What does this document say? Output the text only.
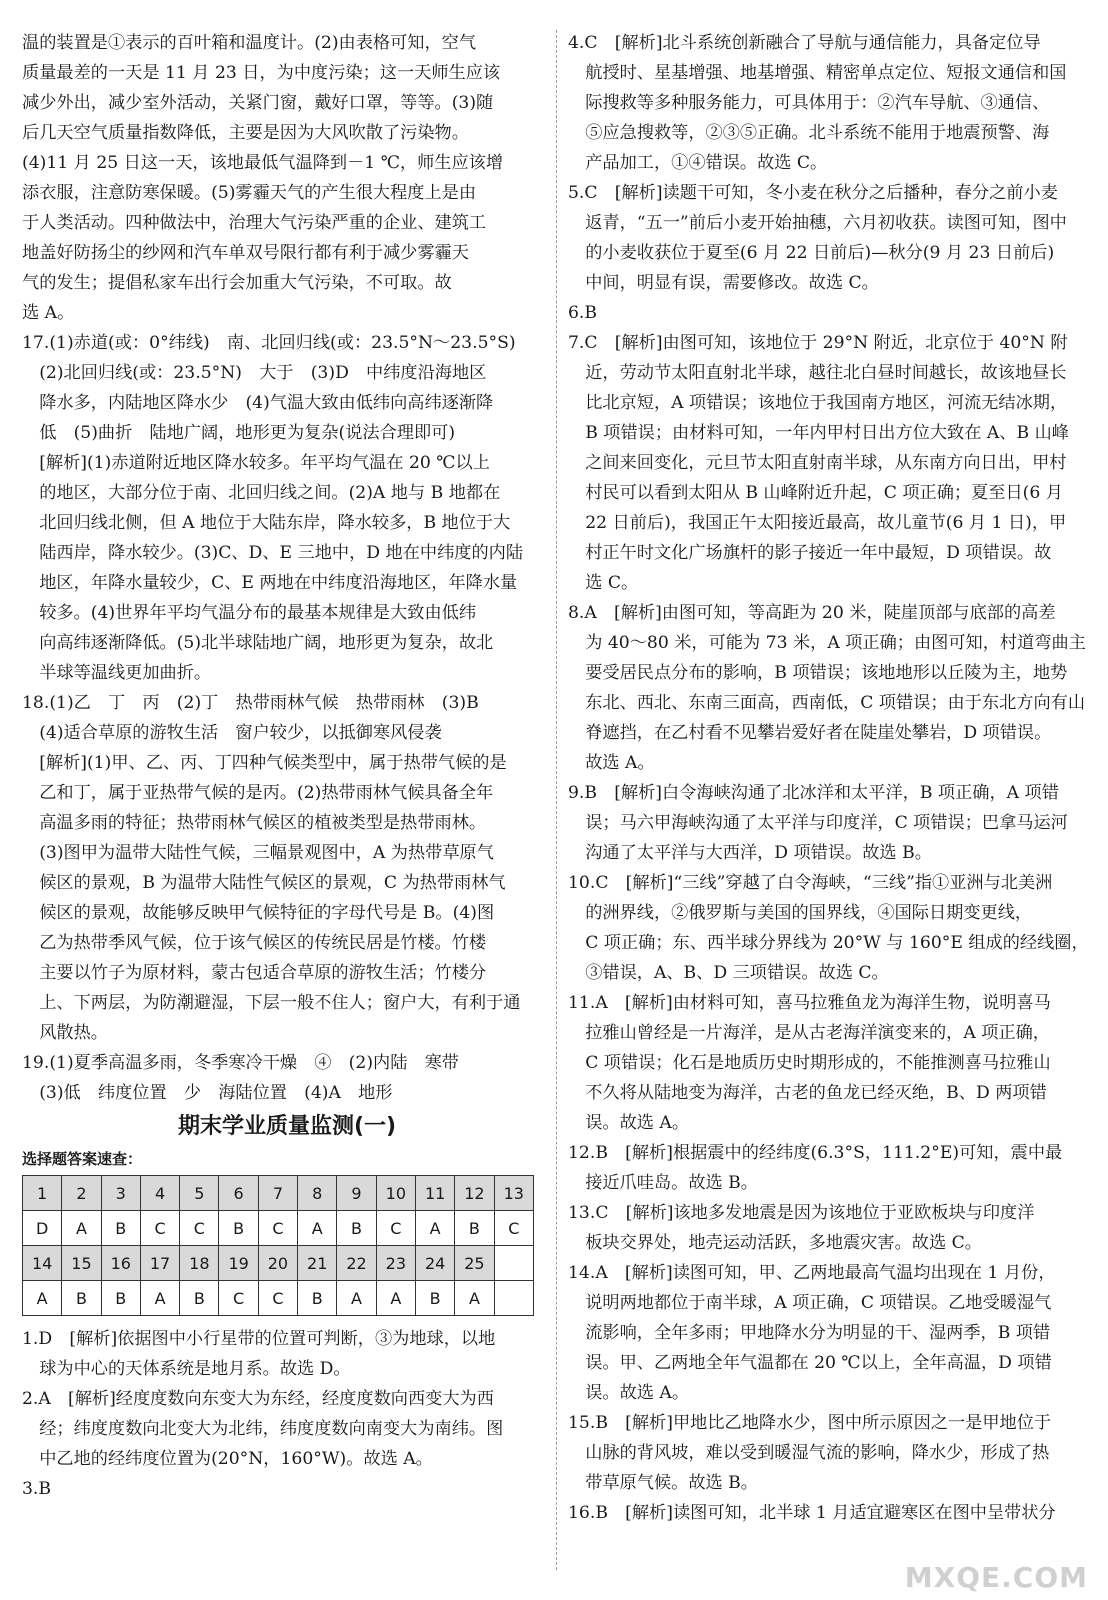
温的装置是①表示的百叶箱和温度计。(2)由表格可知，空气

质量最差的一天是 11 月 23 日，为中度污染；这一天师生应该

减少外出，减少室外活动，关紧门窗，戴好口罩，等等。(3)随

后几天空气质量指数降低，主要是因为大风吹散了污染物。

(4)11 月 25 日这一天，该地最低气温降到－1 ℃，师生应该增

添衣服，注意防寒保暖。(5)雾霾天气的产生很大程度上是由

于人类活动。四种做法中，治理大气污染严重的企业、建筑工

地盖好防扬尘的纱网和汽车单双号限行都有利于减少雾霾天

气的发生；提倡私家车出行会加重大气污染，不可取。故

选 A。

17.(1)赤道(或：0°纬线)　南、北回归线(或：23.5°N～23.5°S)

　(2)北回归线(或：23.5°N)　大于　(3)D　中纬度沿海地区

　降水多，内陆地区降水少　(4)气温大致由低纬向高纬逐渐降

　低　(5)曲折　陆地广阔，地形更为复杂(说法合理即可)

　[解析](1)赤道附近地区降水较多。年平均气温在 20 ℃以上

　的地区，大部分位于南、北回归线之间。(2)A 地与 B 地都在

　北回归线北侧，但 A 地位于大陆东岸，降水较多，B 地位于大

　陆西岸，降水较少。(3)C、D、E 三地中，D 地在中纬度的内陆

　地区，年降水量较少，C、E 两地在中纬度沿海地区，年降水量

　较多。(4)世界年平均气温分布的最基本规律是大致由低纬

　向高纬逐渐降低。(5)北半球陆地广阔，地形更为复杂，故北

　半球等温线更加曲折。

18.(1)乙　丁　丙　(2)丁　热带雨林气候　热带雨林　(3)B

　(4)适合草原的游牧生活　窗户较少，以抵御寒风侵袭

　[解析](1)甲、乙、丙、丁四种气候类型中，属于热带气候的是

　乙和丁，属于亚热带气候的是丙。(2)热带雨林气候具备全年

　高温多雨的特征；热带雨林气候区的植被类型是热带雨林。

　(3)图甲为温带大陆性气候，三幅景观图中，A 为热带草原气

　候区的景观，B 为温带大陆性气候区的景观，C 为热带雨林气

　候区的景观，故能够反映甲气候特征的字母代号是 B。(4)图

　乙为热带季风气候，位于该气候区的传统民居是竹楼。竹楼

　主要以竹子为原材料，蒙古包适合草原的游牧生活；竹楼分

　上、下两层，为防潮避湿，下层一般不住人；窗户大，有利于通

　风散热。

19.(1)夏季高温多雨，冬季寒冷干燥　④　(2)内陆　寒带

　(3)低　纬度位置　少　海陆位置　(4)A　地形

期末学业质量监测(一)
选择题答案速查：
1	2	3	4	5	6	7	8	9	10	11	12	13
D	A	B	C	C	B	C	A	B	C	A	B	C
14	15	16	17	18	19	20	21	22	23	24	25	
A	B	B	A	B	C	C	B	A	A	B	A	

1.D　[解析]依据图中小行星带的位置可判断，③为地球，以地

　球为中心的天体系统是地月系。故选 D。

2.A　[解析]经度度数向东变大为东经，经度度数向西变大为西

　经；纬度度数向北变大为北纬，纬度度数向南变大为南纬。图

　中乙地的经纬度位置为(20°N，160°W)。故选 A。

3.B

4.C　[解析]北斗系统创新融合了导航与通信能力，具备定位导

　航授时、星基增强、地基增强、精密单点定位、短报文通信和国

　际搜救等多种服务能力，可具体用于：②汽车导航、③通信、

　⑤应急搜救等，②③⑤正确。北斗系统不能用于地震预警、海

　产品加工，①④错误。故选 C。

5.C　[解析]读题干可知，冬小麦在秋分之后播种，春分之前小麦

　返青，“五一”前后小麦开始抽穗，六月初收获。读图可知，图中

　的小麦收获位于夏至(6 月 22 日前后)—秋分(9 月 23 日前后)

　中间，明显有误，需要修改。故选 C。

6.B

7.C　[解析]由图可知，该地位于 29°N 附近，北京位于 40°N 附

　近，劳动节太阳直射北半球，越往北白昼时间越长，故该地昼长

　比北京短，A 项错误；该地位于我国南方地区，河流无结冰期，

　B 项错误；由材料可知，一年内甲村日出方位大致在 A、B 山峰

　之间来回变化，元旦节太阳直射南半球，从东南方向日出，甲村

　村民可以看到太阳从 B 山峰附近升起，C 项正确；夏至日(6 月

　22 日前后)，我国正午太阳接近最高，故儿童节(6 月 1 日)，甲

　村正午时文化广场旗杆的影子接近一年中最短，D 项错误。故

　选 C。

8.A　[解析]由图可知，等高距为 20 米，陡崖顶部与底部的高差

　为 40～80 米，可能为 73 米，A 项正确；由图可知，村道弯曲主

　要受居民点分布的影响，B 项错误；该地地形以丘陵为主，地势

　东北、西北、东南三面高，西南低，C 项错误；由于东北方向有山

　脊遮挡，在乙村看不见攀岩爱好者在陡崖处攀岩，D 项错误。

　故选 A。

9.B　[解析]白令海峡沟通了北冰洋和太平洋，B 项正确，A 项错

　误；马六甲海峡沟通了太平洋与印度洋，C 项错误；巴拿马运河

　沟通了太平洋与大西洋，D 项错误。故选 B。

10.C　[解析]“三线”穿越了白令海峡，“三线”指①亚洲与北美洲

　的洲界线，②俄罗斯与美国的国界线，④国际日期变更线，

　C 项正确；东、西半球分界线为 20°W 与 160°E 组成的经线圈，

　③错误，A、B、D 三项错误。故选 C。

11.A　[解析]由材料可知，喜马拉雅鱼龙为海洋生物，说明喜马

　拉雅山曾经是一片海洋，是从古老海洋演变来的，A 项正确，

　C 项错误；化石是地质历史时期形成的，不能推测喜马拉雅山

　不久将从陆地变为海洋，古老的鱼龙已经灭绝，B、D 两项错

　误。故选 A。

12.B　[解析]根据震中的经纬度(6.3°S，111.2°E)可知，震中最

　接近爪哇岛。故选 B。

13.C　[解析]该地多发地震是因为该地位于亚欧板块与印度洋

　板块交界处，地壳运动活跃，多地震灾害。故选 C。

14.A　[解析]读图可知，甲、乙两地最高气温均出现在 1 月份，

　说明两地都位于南半球，A 项正确，C 项错误。乙地受暖湿气

　流影响，全年多雨；甲地降水分为明显的干、湿两季，B 项错

　误。甲、乙两地全年气温都在 20 ℃以上，全年高温，D 项错

　误。故选 A。

15.B　[解析]甲地比乙地降水少，图中所示原因之一是甲地位于

　山脉的背风坡，难以受到暖湿气流的影响，降水少，形成了热

　带草原气候。故选 B。

16.B　[解析]读图可知，北半球 1 月适宜避寒区在图中呈带状分

MXQE.COM
